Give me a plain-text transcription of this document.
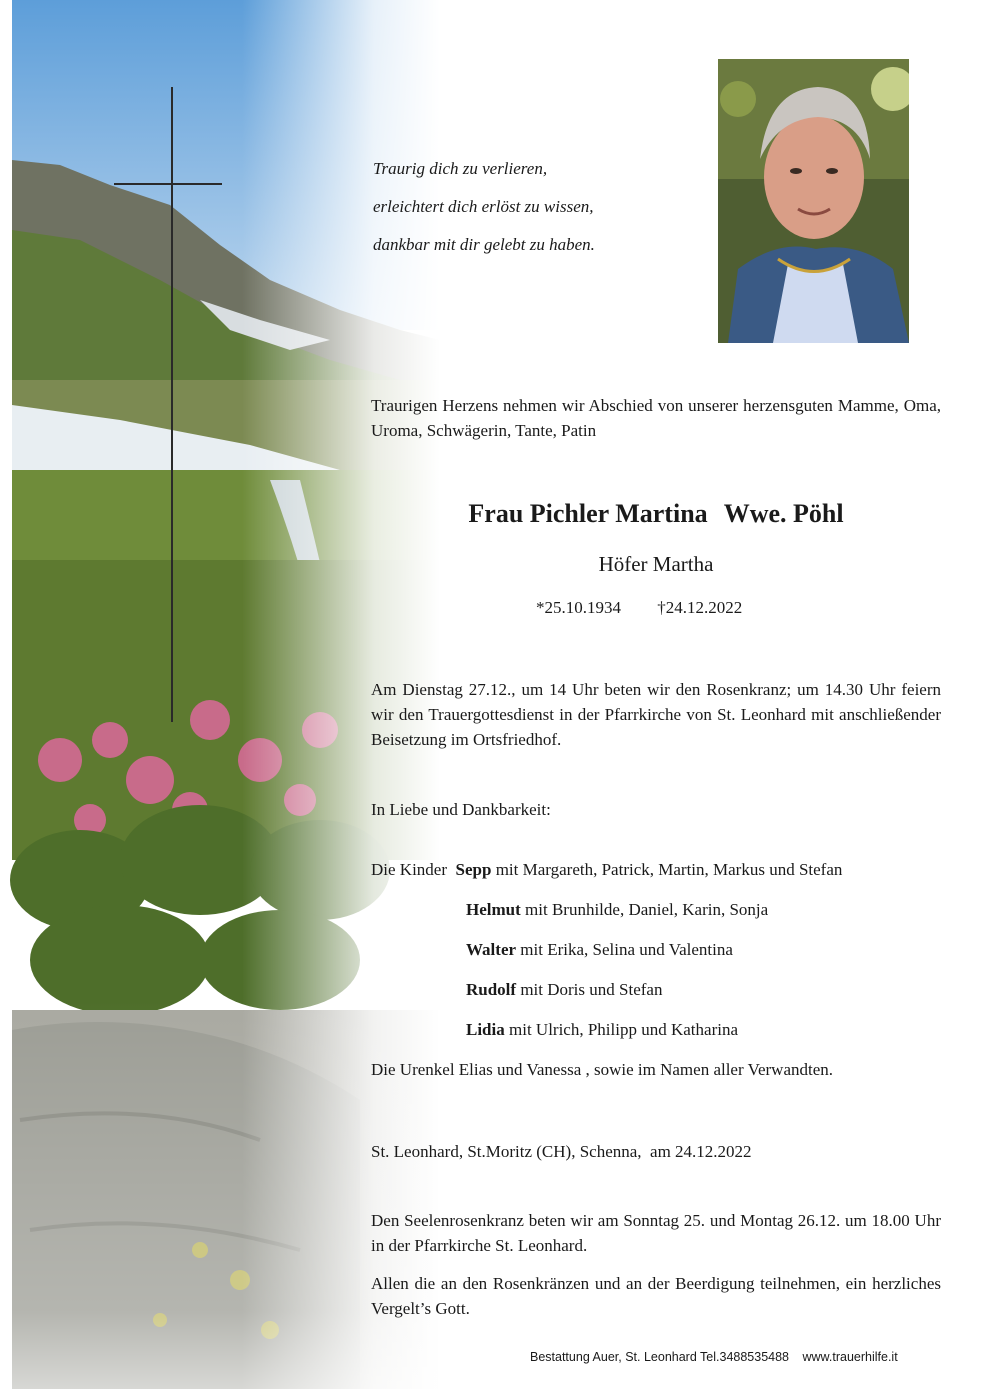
Traurig dich zu verlieren,

erleichtert dich erlöst zu wissen,

dankbar mit dir gelebt zu haben.

Traurigen Herzens nehmen wir Abschied von unserer herzensguten Mamme, Oma, Uroma, Schwägerin, Tante, Patin

Frau Pichler Martina Wwe. Pöhl
Höfer Martha
*25.10.1934 †24.12.2022

Am Dienstag 27.12., um 14 Uhr beten wir den Rosenkranz; um 14.30 Uhr feiern wir den Trauergottesdienst in der Pfarrkirche von St. Leonhard mit anschließender Beisetzung im Ortsfriedhof.

In Liebe und Dankbarkeit:

Die Kinder Sepp mit Margareth, Patrick, Martin, Markus und Stefan
Helmut mit Brunhilde, Daniel, Karin, Sonja
Walter mit Erika, Selina und Valentina
Rudolf mit Doris und Stefan
Lidia mit Ulrich, Philipp und Katharina
Die Urenkel Elias und Vanessa , sowie im Namen aller Verwandten.

St. Leonhard, St.Moritz (CH), Schenna,  am 24.12.2022

Den Seelenrosenkranz beten wir am Sonntag 25. und Montag 26.12. um 18.00 Uhr in der Pfarrkirche St. Leonhard.

Allen die an den Rosenkränzen und an der Beerdigung teilnehmen, ein herzliches Vergelt’s Gott.

Bestattung Auer, St. Leonhard Tel.3488535488 www.trauerhilfe.it
